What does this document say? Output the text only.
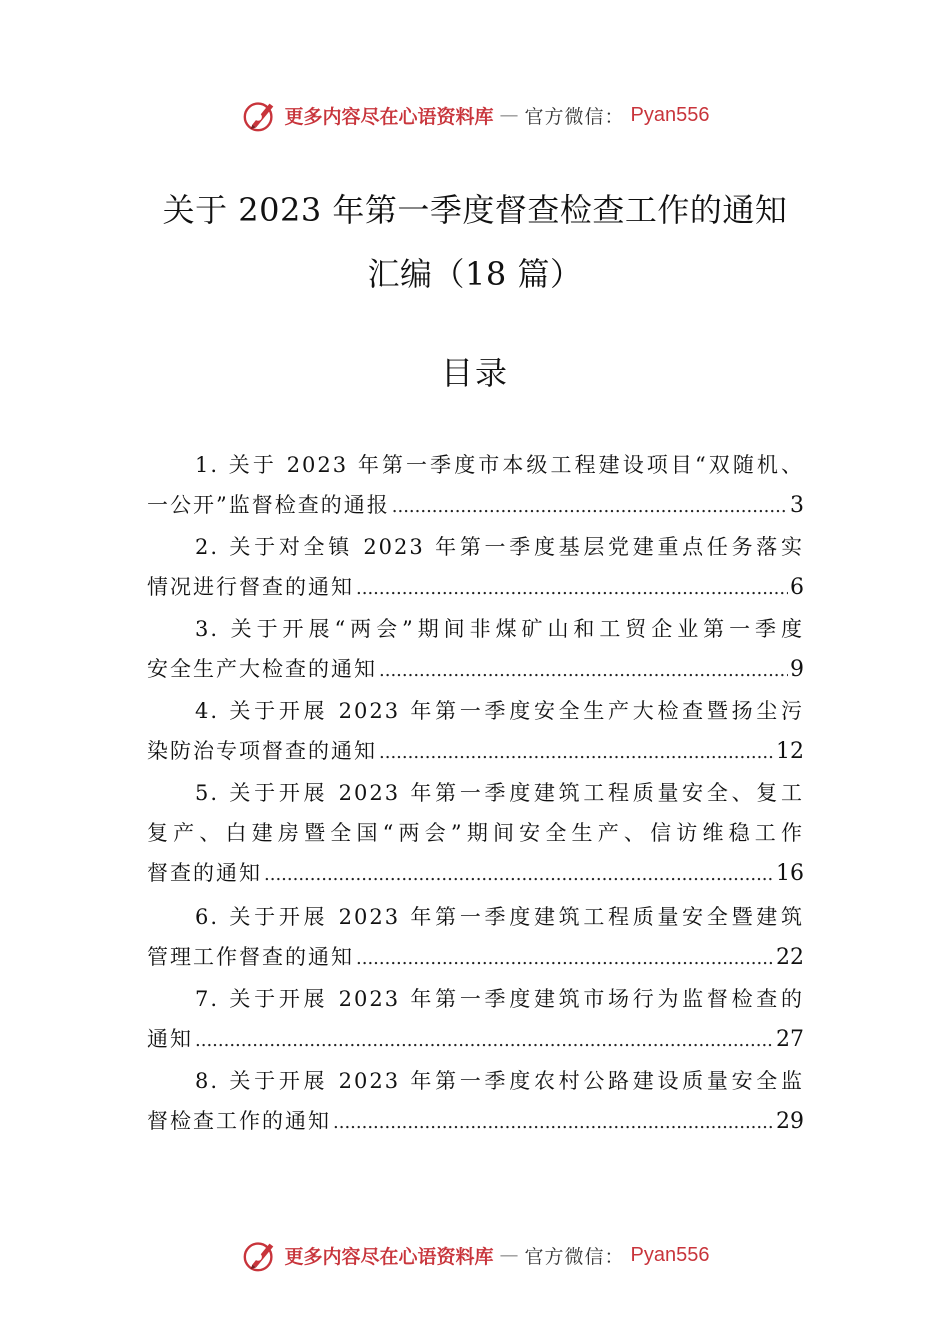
更多内容尽在心语资料库 — 官方微信： Pyan556
关于 2023 年第一季度督查检查工作的通知
汇编（18 篇）
目录
1. 关于 2023 年第一季度市本级工程建设项目“双随机、
一公开”监督检查的通报 .....	3
2. 关于对全镇 2023 年第一季度基层党建重点任务落实
情况进行督查的通知 .....	6
3. 关于开展“两会”期间非煤矿山和工贸企业第一季度
安全生产大检查的通知 .....	9
4. 关于开展 2023 年第一季度安全生产大检查暨扬尘污
染防治专项督查的通知 .....	12
5. 关于开展 2023 年第一季度建筑工程质量安全、复工
复产、白建房暨全国“两会”期间安全生产、信访维稳工作
督查的通知 .....	16
6. 关于开展 2023 年第一季度建筑工程质量安全暨建筑
管理工作督查的通知 .....	22
7. 关于开展 2023 年第一季度建筑市场行为监督检查的
通知 .....	27
8. 关于开展 2023 年第一季度农村公路建设质量安全监
督检查工作的通知 .....	29
更多内容尽在心语资料库 — 官方微信： Pyan556
